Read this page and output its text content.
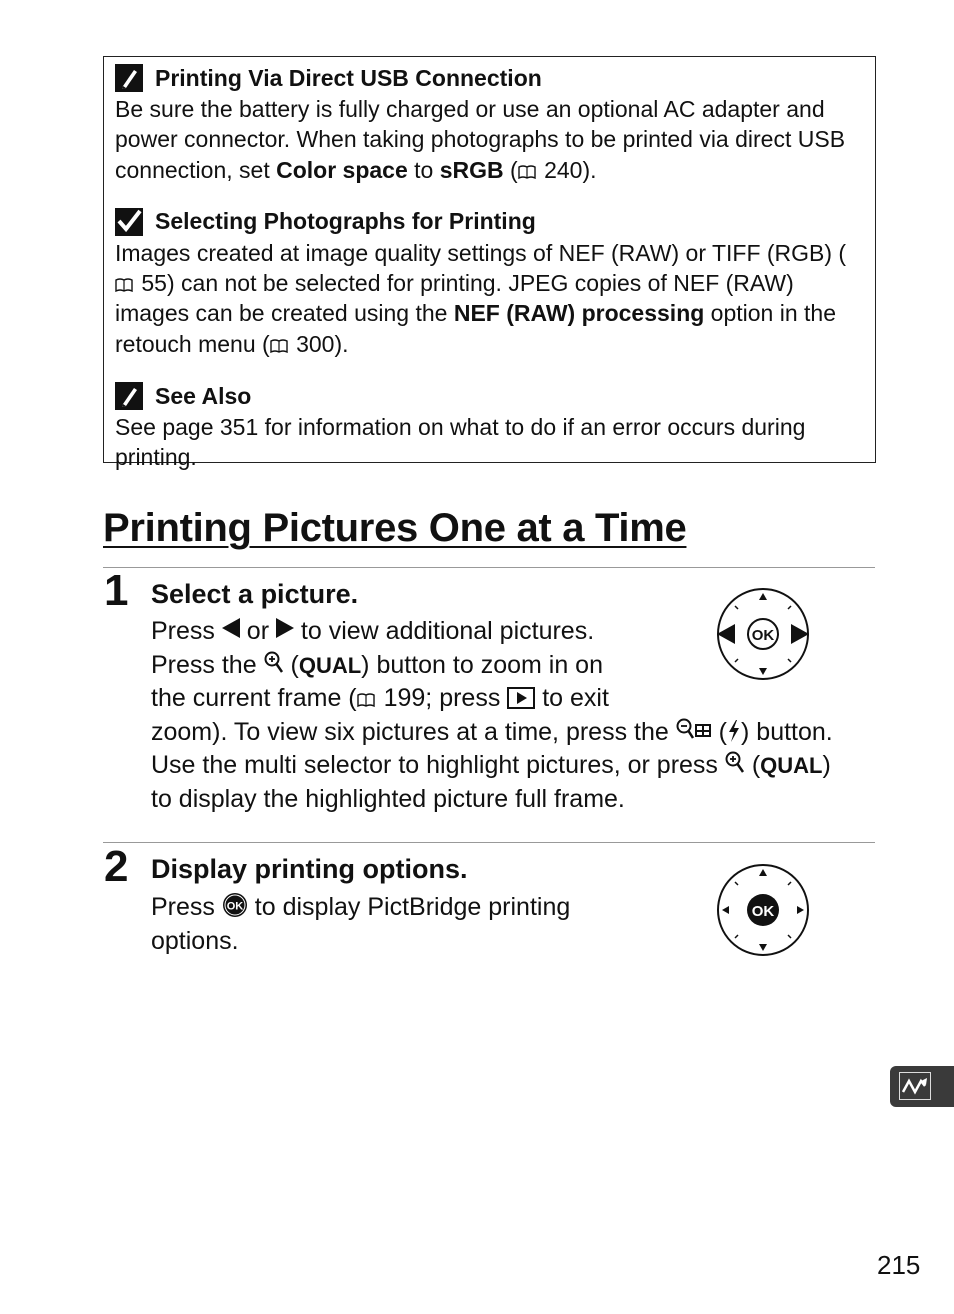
Printing Via Direct USB Connection
Be sure the battery is fully charged or use an optional AC adapter and power connector. When taking photographs to be printed via direct USB connection, set Color space to sRGB ( 240).
Selecting Photographs for Printing
Images created at image quality settings of NEF (RAW) or TIFF (RGB) ( 55) can not be selected for printing. JPEG copies of NEF (RAW) images can be created using the NEF (RAW) processing option in the retouch menu ( 300).
See Also
See page 351 for information on what to do if an error occurs during printing.
Printing Pictures One at a Time
1 Select a picture.
Press  or  to view additional pictures.
Press the  (QUAL) button to zoom in on
the current frame ( 199; press  to exit
zoom). To view six pictures at a time, press the  ( ) button.
Use the multi selector to highlight pictures, or press  (QUAL)
to display the highlighted picture full frame.
OK
2 Display printing options.
Press OK to display PictBridge printing
options.
OK
215
